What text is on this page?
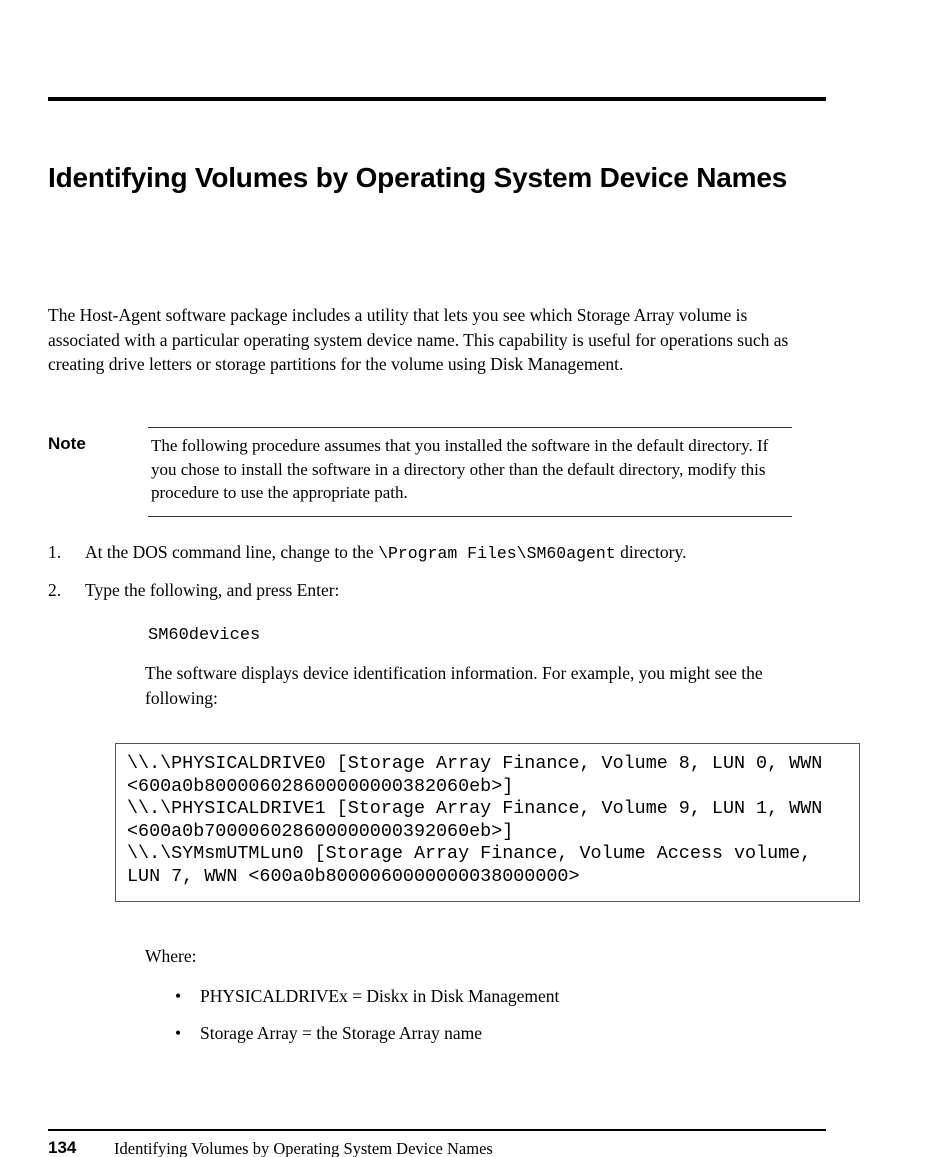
Identifying Volumes by Operating System Device Names

The Host-Agent software package includes a utility that lets you see which Storage Array volume is associated with a particular operating system device name. This capability is useful for operations such as creating drive letters or storage partitions for the volume using Disk Management.

Note	The following procedure assumes that you installed the software in the default directory. If you chose to install the software in a directory other than the default directory, modify this procedure to use the appropriate path.
1. At the DOS command line, change to the \Program Files\SM60agent directory.
2. Type the following, and press Enter:
SM60devices

The software displays device identification information. For example, you might see the following:

\\.\PHYSICALDRIVE0 [Storage Array Finance, Volume 8, LUN 0, WWN
<600a0b800006028600000000382060eb>]
\\.\PHYSICALDRIVE1 [Storage Array Finance, Volume 9, LUN 1, WWN
<600a0b700006028600000000392060eb>]
\\.\SYMsmUTMLun0 [Storage Array Finance, Volume Access volume,
LUN 7, WWN <600a0b8000060000000038000000>
Where:
• PHYSICALDRIVEx = Diskx in Disk Management
• Storage Array = the Storage Array name
134 Identifying Volumes by Operating System Device Names
